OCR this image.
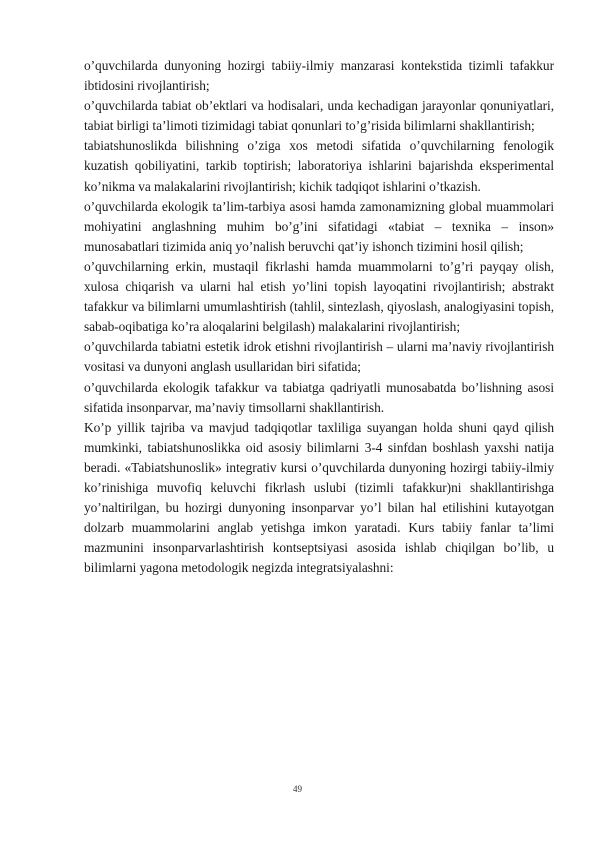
o’quvchilarda dunyoning hozirgi tabiiy-ilmiy manzarasi kontekstida tizimli tafakkur ibtidosini rivojlantirish;

o’quvchilarda tabiat ob’ektlari va hodisalari, unda kechadigan jarayonlar qonuniyatlari, tabiat birligi ta’limoti tizimidagi tabiat qonunlari to’g’risida bilimlarni shakllantirish;

tabiatshunoslikda bilishning o’ziga xos metodi sifatida o’quvchilarning fenologik kuzatish qobiliyatini, tarkib toptirish; laboratoriya ishlarini bajarishda eksperimental ko’nikma va malakalarini rivojlantirish; kichik tadqiqot ishlarini o’tkazish.

o’quvchilarda ekologik ta’lim-tarbiya asosi hamda zamonamizning global muammolari mohiyatini anglashning muhim bo’g’ini sifatidagi «tabiat – texnika – inson» munosabatlari tizimida aniq yo’nalish beruvchi qat’iy ishonch tizimini hosil qilish;

o’quvchilarning erkin, mustaqil fikrlashi hamda muammolarni to’g’ri payqay olish, xulosa chiqarish va ularni hal etish yo’lini topish layoqatini rivojlantirish; abstrakt tafakkur va bilimlarni umumlashtirish (tahlil, sintezlash, qiyoslash, analogiyasini topish, sabab-oqibatiga ko’ra aloqalarini belgilash) malakalarini rivojlantirish;

o’quvchilarda tabiatni estetik idrok etishni rivojlantirish – ularni ma’naviy rivojlantirish vositasi va dunyoni anglash usullaridan biri sifatida;

o’quvchilarda ekologik tafakkur va tabiatga qadriyatli munosabatda bo’lishning asosi sifatida insonparvar, ma’naviy timsollarni shakllantirish.

Ko’p yillik tajriba va mavjud tadqiqotlar taxliliga suyangan holda shuni qayd qilish mumkinki, tabiatshunoslikka oid asosiy bilimlarni 3-4 sinfdan boshlash yaxshi natija beradi. «Tabiatshunoslik» integrativ kursi o’quvchilarda dunyoning hozirgi tabiiy-ilmiy ko’rinishiga muvofiq keluvchi fikrlash uslubi (tizimli tafakkur)ni shakllantirishga yo’naltirilgan, bu hozirgi dunyoning insonparvar yo’l bilan hal etilishini kutayotgan dolzarb muammolarini anglab yetishga imkon yaratadi. Kurs tabiiy fanlar ta’limi mazmunini insonparvarlashtirish kontseptsiyasi asosida ishlab chiqilgan bo’lib, u bilimlarni yagona metodologik negizda integratsiyalashni:

49
